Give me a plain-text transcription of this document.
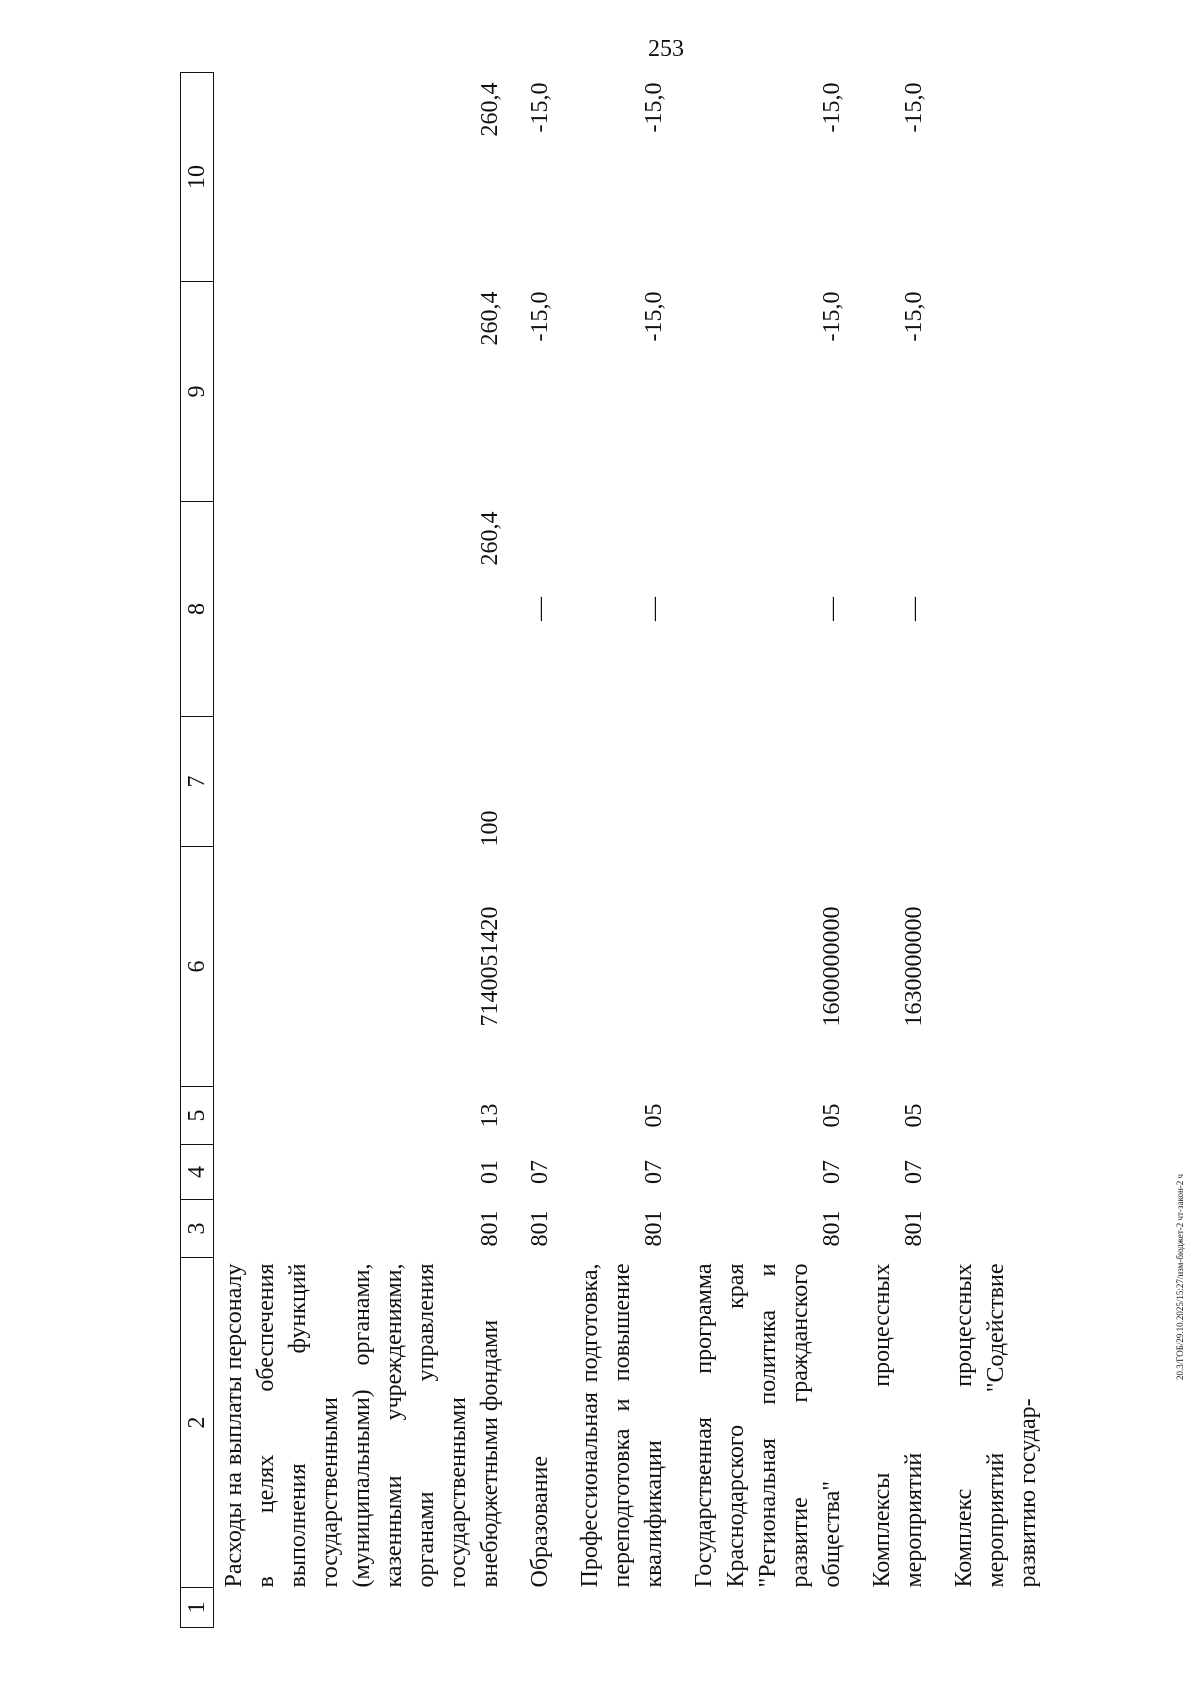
253
20.3/ГОБ/29.10.2025/15:27/изм-бюджет-2 чт-закон-2 ч
1	2	3	4	5	6	7	8	9	10
	Расходы на выплаты персоналу в целях обеспечения выполнения функций государственными (муниципальными) органами, казенными учреждениями, органами управления государственными внебюджетными фондами	801	01	13	7140051420	100	260,4	260,4	260,4

	Образование	801	07				—	-15,0	-15,0

	Профессиональная подготовка, переподготовка и повышение квалификации	801	07	05			—	-15,0	-15,0

	Государственная программа Краснодарского края "Региональная политика и развитие гражданского общества"	801	07	05	1600000000		—	-15,0	-15,0

	Комплексы процессных мероприятий	801	07	05	1630000000		—	-15,0	-15,0

	Комплекс процессных мероприятий "Содействие развитию государ-								
